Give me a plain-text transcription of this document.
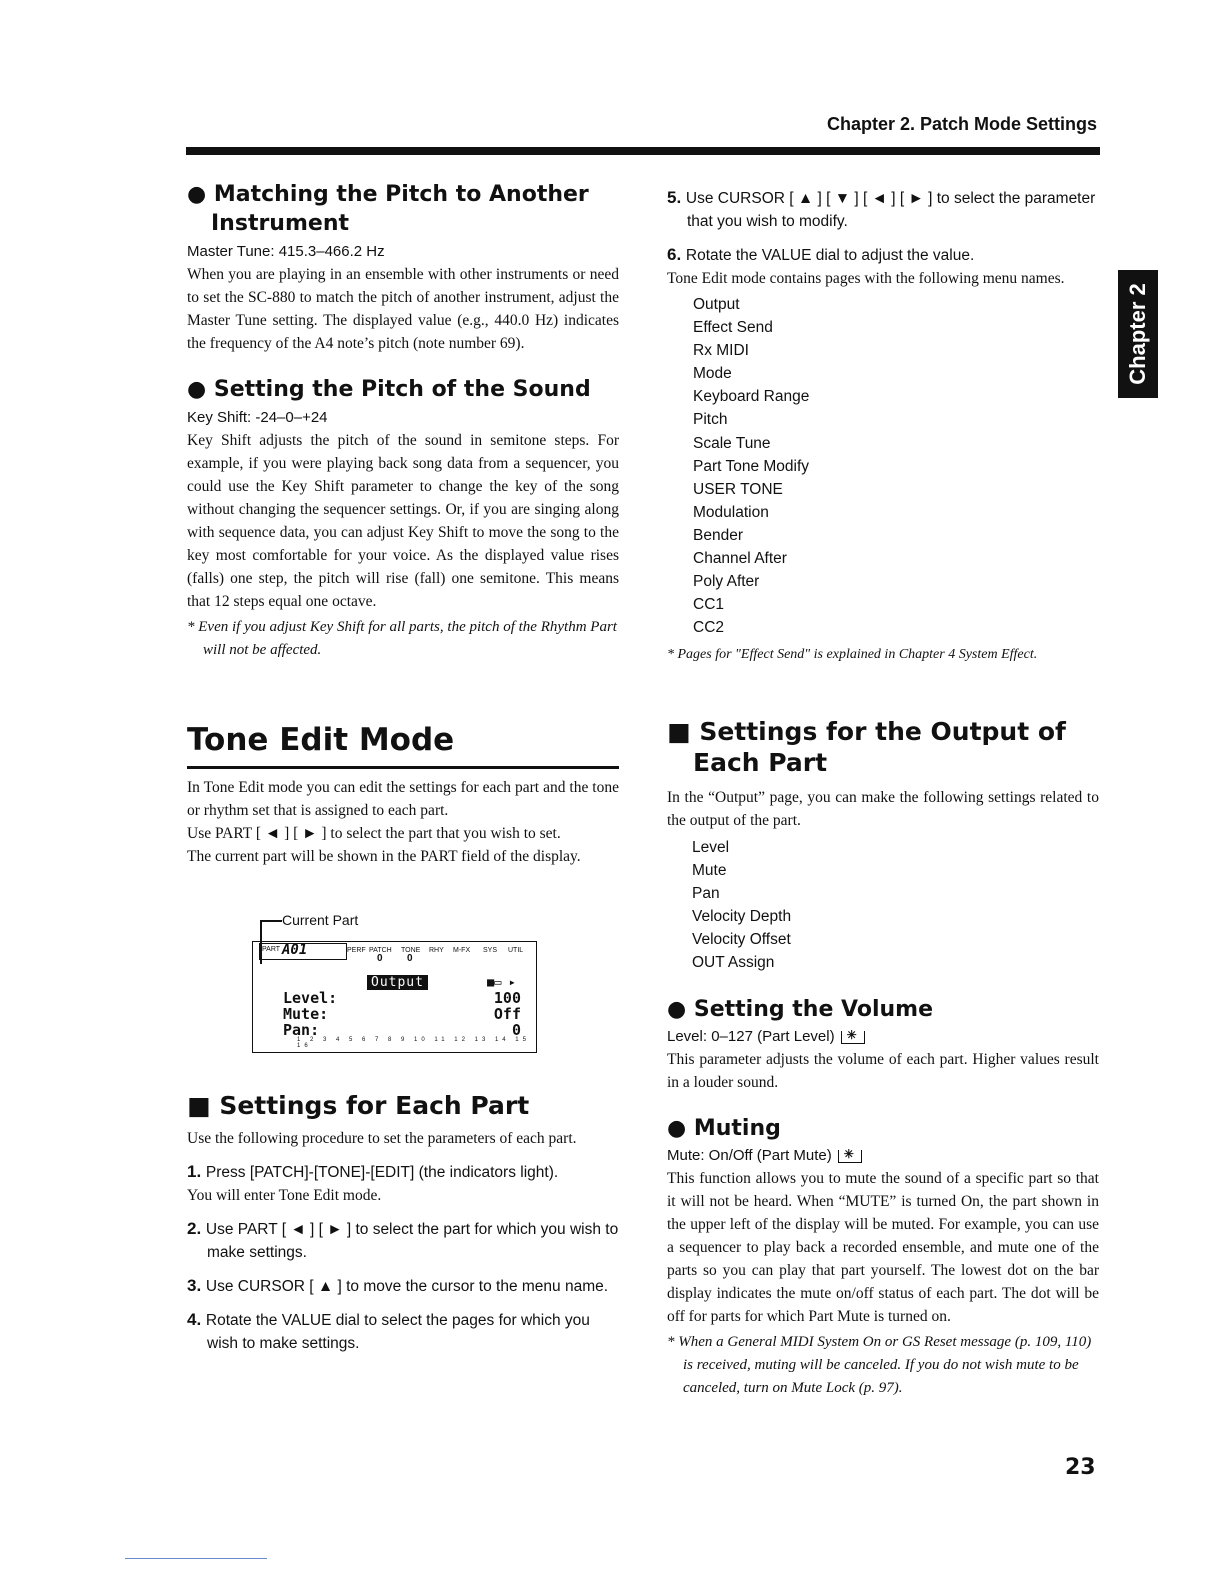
Chapter 2. Patch Mode Settings
Chapter 2
● Matching the Pitch to Another Instrument
Master Tune: 415.3–466.2 Hz
When you are playing in an ensemble with other instruments or need to set the SC-880 to match the pitch of another instrument, adjust the Master Tune setting. The displayed value (e.g., 440.0 Hz) indicates the frequency of the A4 note’s pitch (note number 69).
● Setting the Pitch of the Sound
Key Shift: -24–0–+24
Key Shift adjusts the pitch of the sound in semitone steps. For example, if you were playing back song data from a sequencer, you could use the Key Shift parameter to change the key of the song without changing the sequencer settings. Or, if you are singing along with sequence data, you can adjust Key Shift to move the song to the key most comfortable for your voice. As the displayed value rises (falls) one step, the pitch will rise (fall) one semitone. This means that 12 steps equal one octave.
* Even if you adjust Key Shift for all parts, the pitch of the Rhythm Part will not be affected.
Tone Edit Mode
In Tone Edit mode you can edit the settings for each part and the tone or rhythm set that is assigned to each part.
Use PART [ ◄ ] [ ► ] to select the part that you wish to set.
The current part will be shown in the PART field of the display.
Current Part
PART A01	PERF PATCH TONE RHY M-FX SYS UTIL
0 0
Output	■▭ ▸
Level:	100
Mute:	Off
Pan:	0
1 2 3 4 5 6 7 8 9 10 11 12 13 14 15 16
■ Settings for Each Part
Use the following procedure to set the parameters of each part.
1. Press [PATCH]-[TONE]-[EDIT] (the indicators light).
You will enter Tone Edit mode.
2. Use PART [ ◄ ] [ ► ] to select the part for which you wish to make settings.
3. Use CURSOR [ ▲ ] to move the cursor to the menu name.
4. Rotate the VALUE dial to select the pages for which you wish to make settings.
5. Use CURSOR [ ▲ ] [ ▼ ] [ ◄ ] [ ► ] to select the parameter that you wish to modify.
6. Rotate the VALUE dial to adjust the value.
Tone Edit mode contains pages with the following menu names.
Output
Effect Send
Rx MIDI
Mode
Keyboard Range
Pitch
Scale Tune
Part Tone Modify
USER TONE
Modulation
Bender
Channel After
Poly After
CC1
CC2
* Pages for "Effect Send" is explained in Chapter 4 System Effect.
■ Settings for the Output of Each Part
In the “Output” page, you can make the following settings related to the output of the part.
Level
Mute
Pan
Velocity Depth
Velocity Offset
OUT Assign
● Setting the Volume
Level: 0–127 (Part Level) ✳
This parameter adjusts the volume of each part. Higher values result in a louder sound.
● Muting
Mute: On/Off (Part Mute) ✳
This function allows you to mute the sound of a specific part so that it will not be heard. When “MUTE” is turned On, the part shown in the upper left of the display will be muted. For example, you can use a sequencer to play back a recorded ensemble, and mute one of the parts so you can play that part yourself. The lowest dot on the bar display indicates the mute on/off status of each part. The dot will be off for parts for which Part Mute is turned on.
* When a General MIDI System On or GS Reset message (p. 109, 110) is received, muting will be canceled. If you do not wish mute to be canceled, turn on Mute Lock (p. 97).
23
